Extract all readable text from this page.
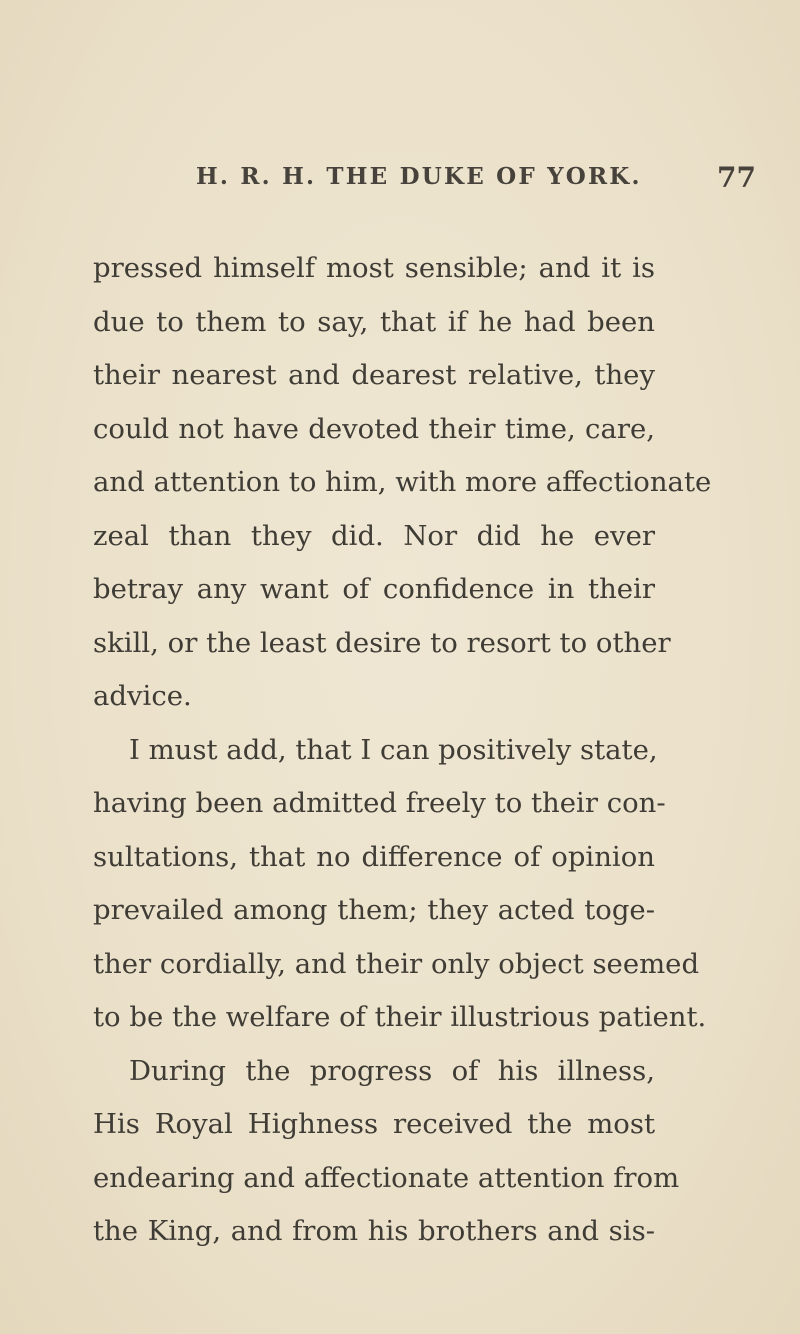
H. R. H. THE DUKE OF YORK.	77
pressed himself most sensible; and it is
due to them to say, that if he had been
their nearest and dearest relative, they
could not have devoted their time, care,
and attention to him, with more affectionate
zeal than they did. Nor did he ever
betray any want of confidence in their
skill, or the least desire to resort to other
advice.
I must add, that I can positively state,
having been admitted freely to their con-
sultations, that no difference of opinion
prevailed among them; they acted toge-
ther cordially, and their only object seemed
to be the welfare of their illustrious patient.
During the progress of his illness,
His Royal Highness received the most
endearing and affectionate attention from
the King, and from his brothers and sis-
